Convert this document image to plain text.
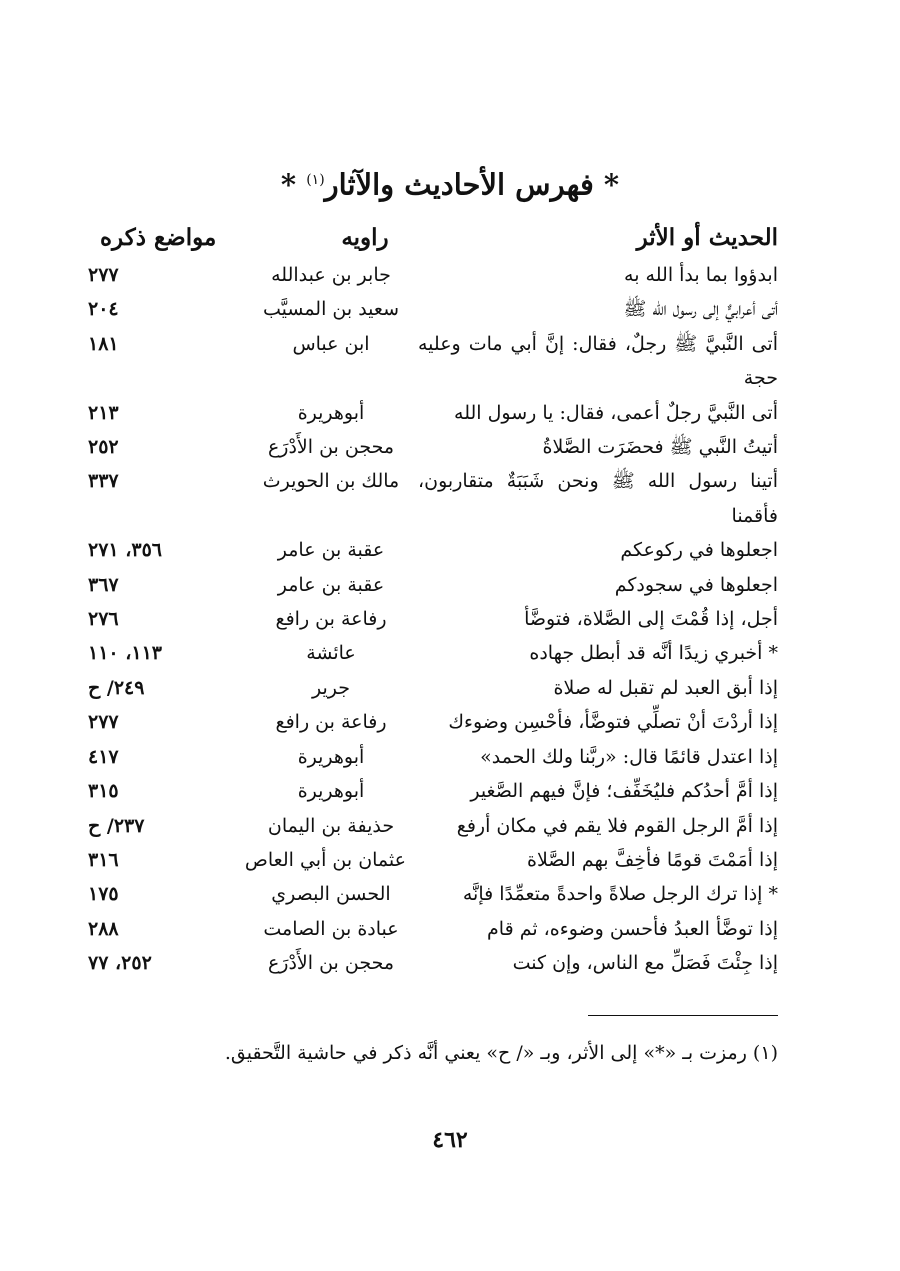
* فهرس الأحاديث والآثار$^{(١)}$ *
الحديث أو الأثر
راويه
مواضع ذكره
ابدؤوا بما بدأ الله به
جابر بن عبدالله
٢٧٧
أتى أعرابيٌّ إلى رسول الله ﷺ
سعيد بن المسيَّب
٢٠٤
أتى النَّبيَّ ﷺ رجلٌ، فقال: إنَّ أبي مات وعليه حجة
ابن عباس
١٨١
أتى النَّبيَّ رجلٌ أعمى، فقال: يا رسول الله
أبوهريرة
٢١٣
أتيتُ النَّبي ﷺ فحضَرَت الصَّلاةُ
محجن بن الأَدْرَع
٢٥٢
أتينا رسول الله ﷺ ونحن شَبَبَةٌ متقاربون، فأقمنا
مالك بن الحويرث
٣٣٧
اجعلوها في ركوعكم
عقبة بن عامر
٣٥٦، ٢٧١
اجعلوها في سجودكم
عقبة بن عامر
٣٦٧
أجل، إذا قُمْتَ إلى الصَّلاة، فتوضَّأ
رفاعة بن رافع
٢٧٦
* أخبري زيدًا أنَّه قد أبطل جهاده
عائشة
١١٣، ١١٠
إذا أبق العبد لم تقبل له صلاة
جرير
٢٤٩/ ح
إذا أردْتَ أنْ تصلِّي فتوضَّأ، فأحْسِن وضوءك
رفاعة بن رافع
٢٧٧
إذا اعتدل قائمًا قال: «ربَّنا ولك الحمد»
أبوهريرة
٤١٧
إذا أمَّ أحدُكم فليُخَفِّف؛ فإنَّ فيهم الصَّغير
أبوهريرة
٣١٥
إذا أمَّ الرجل القوم فلا يقم في مكان أرفع
حذيفة بن اليمان
٢٣٧/ ح
إذا أمَمْتَ قومًا فأخِفَّ بهم الصَّلاة
عثمان بن أبي العاص
٣١٦
* إذا ترك الرجل صلاةً واحدةً متعمِّدًا فإنَّه
الحسن البصري
١٧٥
إذا توضَّأ العبدُ فأحسن وضوءه، ثم قام
عبادة بن الصامت
٢٨٨
إذا جِئْتَ فَصَلِّ مع الناس، وإن كنت
محجن بن الأَدْرَع
٢٥٢، ٧٧
(١) رمزت بـ «*» إلى الأثر، وبـ «/ ح» يعني أنَّه ذكر في حاشية التَّحقيق.
٤٦٢
